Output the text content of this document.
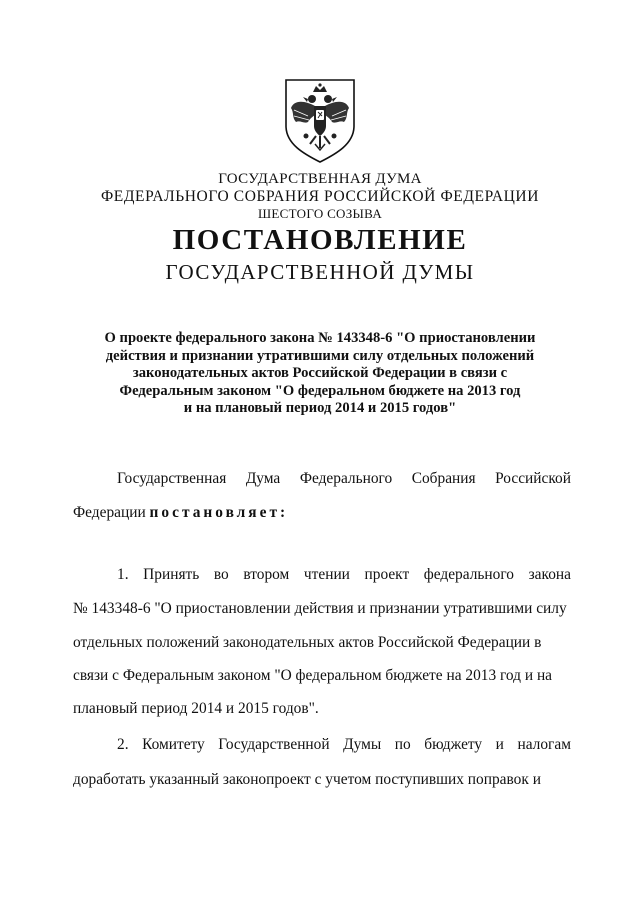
ГОСУДАРСТВЕННАЯ ДУМА
ФЕДЕРАЛЬНОГО СОБРАНИЯ РОССИЙСКОЙ ФЕДЕРАЦИИ
ШЕСТОГО СОЗЫВА
ПОСТАНОВЛЕНИЕ
ГОСУДАРСТВЕННОЙ ДУМЫ
О проекте федерального закона № 143348-6 "О приостановлении
действия и признании утратившими силу отдельных положений
законодательных актов Российской Федерации в связи с
Федеральным законом "О федеральном бюджете на 2013 год
и на плановый период 2014 и 2015 годов"
Государственная Дума Федерального Собрания Российской
Федерации постановляет:
1. Принять во втором чтении проект федерального закона
№ 143348-6 "О приостановлении действия и признании утратившими силу
отдельных положений законодательных актов Российской Федерации в
связи с Федеральным законом "О федеральном бюджете на 2013 год и на
плановый период 2014 и 2015 годов".
2. Комитету Государственной Думы по бюджету и налогам
доработать указанный законопроект с учетом поступивших поправок и
